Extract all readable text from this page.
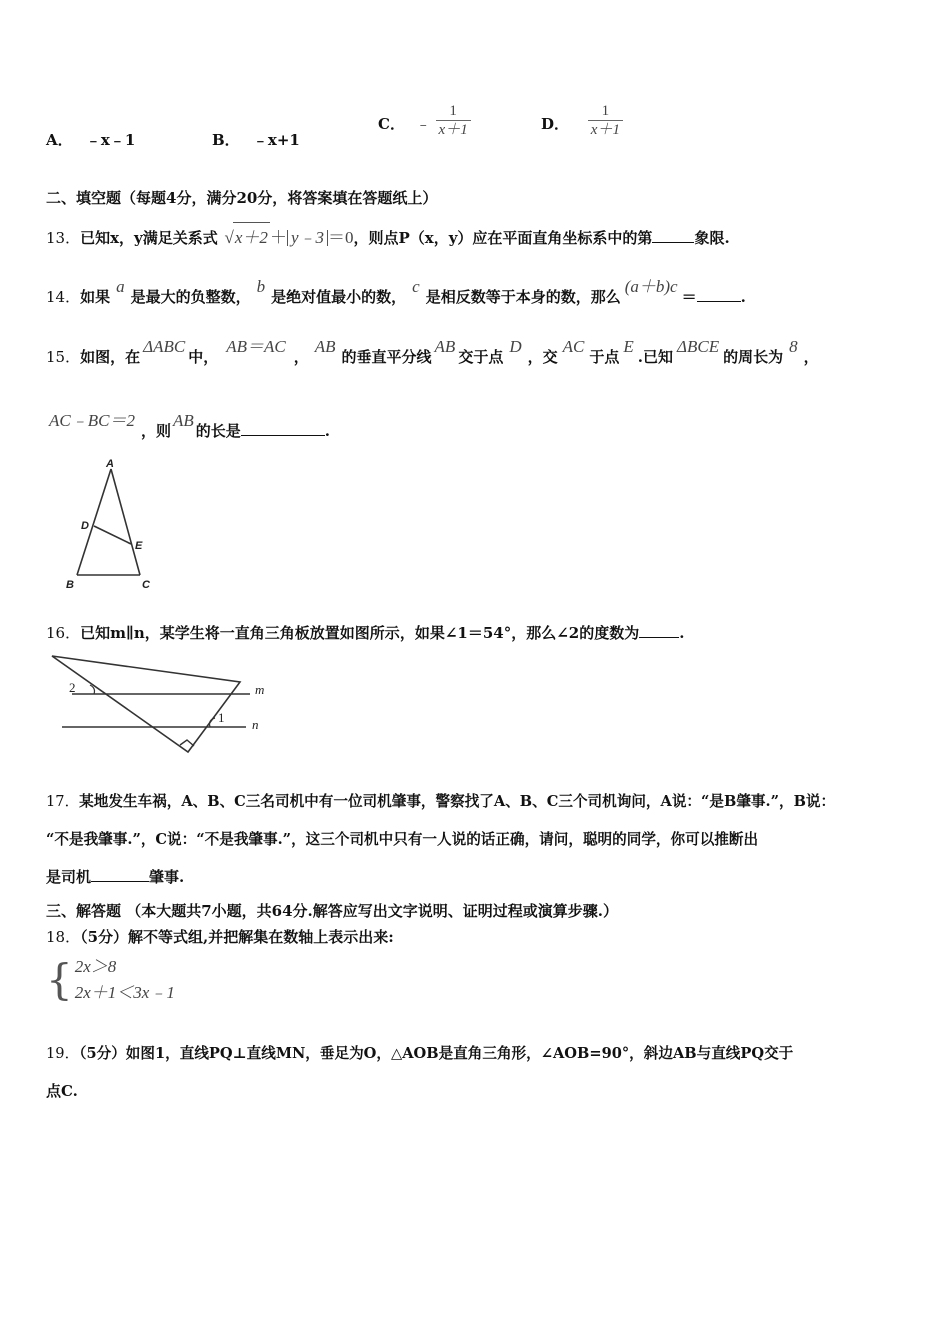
A． ﹣x﹣1	B． ﹣x+1
C． ﹣ $\frac{1}{x+1}$	D． $\frac{1}{x+1}$
二、填空题（每题4分，满分20分，将答案填在答题纸上）
13．已知x，y满足关系式 √x＋2 ＋ y﹣3 ＝0，则点P（x，y）应在平面直角坐标系中的第	象限.
14．如果a是最大的负整数，b是绝对值最小的数，c是相反数等于本身的数，那么(a＋b)c＝	.
15．如图，在ΔABC中，AB＝AC，AB的垂直平分线AB交于点D，交AC于点E.已知ΔBCE的周长为8，
AC﹣BC＝2，则AB的长是	.
A
D
E
B	C
16．已知m∥n，某学生将一直角三角板放置如图所示，如果∠1＝54°，那么∠2的度数为	.
2	m
1 n
17．某地发生车祸，A、B、C三名司机中有一位司机肇事，警察找了A、B、C三个司机询问，A说：“是B肇事.”，B说：
“不是我肇事.”，C说：“不是我肇事.”，这三个司机中只有一人说的话正确，请问，聪明的同学，你可以推断出
是司机	肇事.
三、解答题 （本大题共7小题，共64分.解答应写出文字说明、证明过程或演算步骤.）
18．（5分）解不等式组,并把解集在数轴上表示出来:
{ 2x＞8
2x＋1＜3x﹣1
19．（5分）如图1，直线PQ⊥直线MN，垂足为O，△AOB是直角三角形，∠AOB=90°，斜边AB与直线PQ交于
点C.
